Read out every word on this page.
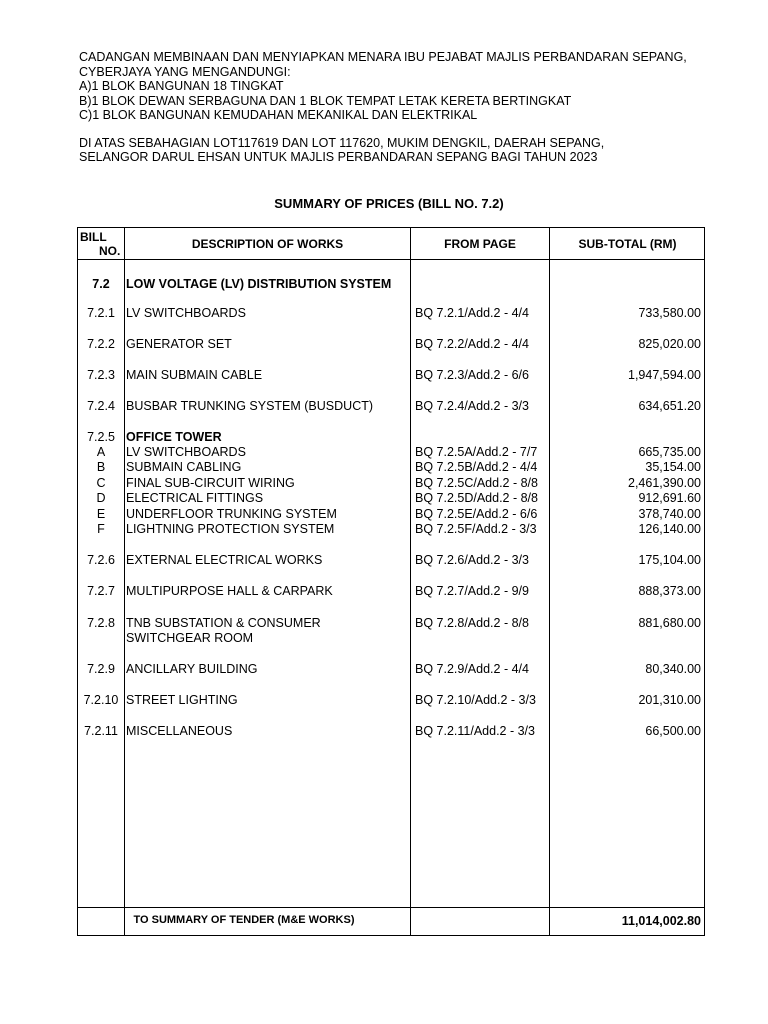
CADANGAN MEMBINAAN DAN MENYIAPKAN MENARA IBU PEJABAT MAJLIS PERBANDARAN SEPANG,
CYBERJAYA YANG MENGANDUNGI:
A)1 BLOK BANGUNAN 18 TINGKAT
B)1 BLOK DEWAN SERBAGUNA DAN 1 BLOK TEMPAT LETAK KERETA BERTINGKAT
C)1 BLOK BANGUNAN KEMUDAHAN MEKANIKAL DAN ELEKTRIKAL
DI ATAS SEBAHAGIAN LOT117619 DAN LOT 117620, MUKIM DENGKIL, DAERAH SEPANG,
SELANGOR DARUL EHSAN UNTUK MAJLIS PERBANDARAN SEPANG BAGI TAHUN 2023
SUMMARY OF PRICES (BILL NO. 7.2)
BILL
NO.	DESCRIPTION OF WORKS	FROM PAGE	SUB-TOTAL (RM)
7.2	LOW VOLTAGE (LV) DISTRIBUTION SYSTEM
7.2.1 LV SWITCHBOARDS	BQ 7.2.1/Add.2 - 4/4	733,580.00
7.2.2 GENERATOR SET	BQ 7.2.2/Add.2 - 4/4	825,020.00
7.2.3 MAIN SUBMAIN CABLE	BQ 7.2.3/Add.2 - 6/6	1,947,594.00
7.2.4 BUSBAR TRUNKING SYSTEM (BUSDUCT)	BQ 7.2.4/Add.2 - 3/3	634,651.20
7.2.5 OFFICE TOWER
A	LV SWITCHBOARDS	BQ 7.2.5A/Add.2 - 7/7	665,735.00
B	SUBMAIN CABLING	BQ 7.2.5B/Add.2 - 4/4	35,154.00
C	FINAL SUB-CIRCUIT WIRING	BQ 7.2.5C/Add.2 - 8/8	2,461,390.00
D	ELECTRICAL FITTINGS	BQ 7.2.5D/Add.2 - 8/8	912,691.60
E	UNDERFLOOR TRUNKING SYSTEM	BQ 7.2.5E/Add.2 - 6/6	378,740.00
F	LIGHTNING PROTECTION SYSTEM	BQ 7.2.5F/Add.2 - 3/3	126,140.00
7.2.6 EXTERNAL ELECTRICAL WORKS	BQ 7.2.6/Add.2 - 3/3	175,104.00
7.2.7 MULTIPURPOSE HALL & CARPARK	BQ 7.2.7/Add.2 - 9/9	888,373.00
7.2.8 TNB SUBSTATION & CONSUMER
SWITCHGEAR ROOM
BQ 7.2.8/Add.2 - 8/8	881,680.00
7.2.9 ANCILLARY BUILDING	BQ 7.2.9/Add.2 - 4/4	80,340.00
7.2.10 STREET LIGHTING	BQ 7.2.10/Add.2 - 3/3	201,310.00
7.2.11 MISCELLANEOUS	BQ 7.2.11/Add.2 - 3/3	66,500.00
TO SUMMARY OF TENDER (M&E WORKS)	11,014,002.80
